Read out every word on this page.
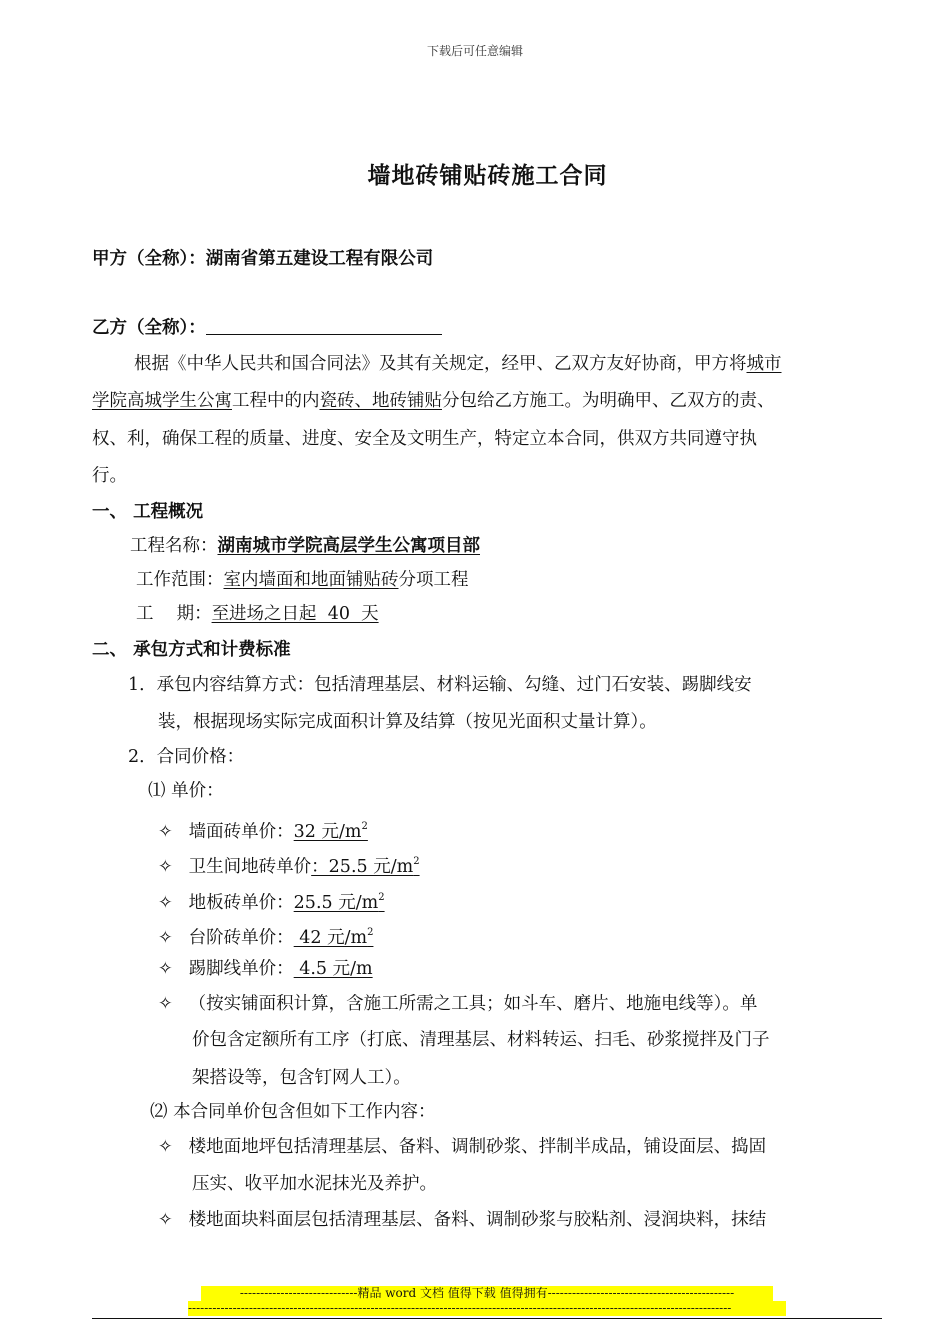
下载后可任意编辑
墙地砖铺贴砖施工合同
甲方（全称）：湖南省第五建设工程有限公司
乙方（全称）：
根据《中华人民共和国合同法》及其有关规定，经甲、乙双方友好协商，甲方将城市
学院高城学生公寓工程中的内瓷砖、地砖铺贴分包给乙方施工。为明确甲、乙双方的责、
权、利，确保工程的质量、进度、安全及文明生产，特定立本合同，供双方共同遵守执
行。
一、 工程概况
工程名称：湖南城市学院高层学生公寓项目部
工作范围：室内墙面和地面铺贴砖分项工程
工　 期：至进场之日起  40  天
二、 承包方式和计费标准
1．承包内容结算方式：包括清理基层、材料运输、勾缝、过门石安装、踢脚线安
装，根据现场实际完成面积计算及结算（按见光面积丈量计算）。
2．合同价格：
⑴ 单价：
✧ 墙面砖单价：32 元$/m^2$
✧ 卫生间地砖单价：25.5 元$/m^2$
✧ 地板砖单价：25.5 元$/m^2$
✧ 台阶砖单价： 42 元$/m^2$
✧ 踢脚线单价： 4.5 元/m
✧ （按实铺面积计算，含施工所需之工具；如斗车、磨片、地施电线等）。单
价包含定额所有工序（打底、清理基层、材料转运、扫毛、砂浆搅拌及门子
架搭设等，包含钉网人工）。
⑵ 本合同单价包含但如下工作内容：
✧ 楼地面地坪包括清理基层、备料、调制砂浆、拌制半成品，铺设面层、捣固
压实、收平加水泥抹光及养护。
✧ 楼地面块料面层包括清理基层、备料、调制砂浆与胶粘剂、浸润块料，抹结
-----------------------------精品 word 文档 值得下载 值得拥有----------------------------------------------
--------------------------------------------------------------------------------------------------------------------------------------
